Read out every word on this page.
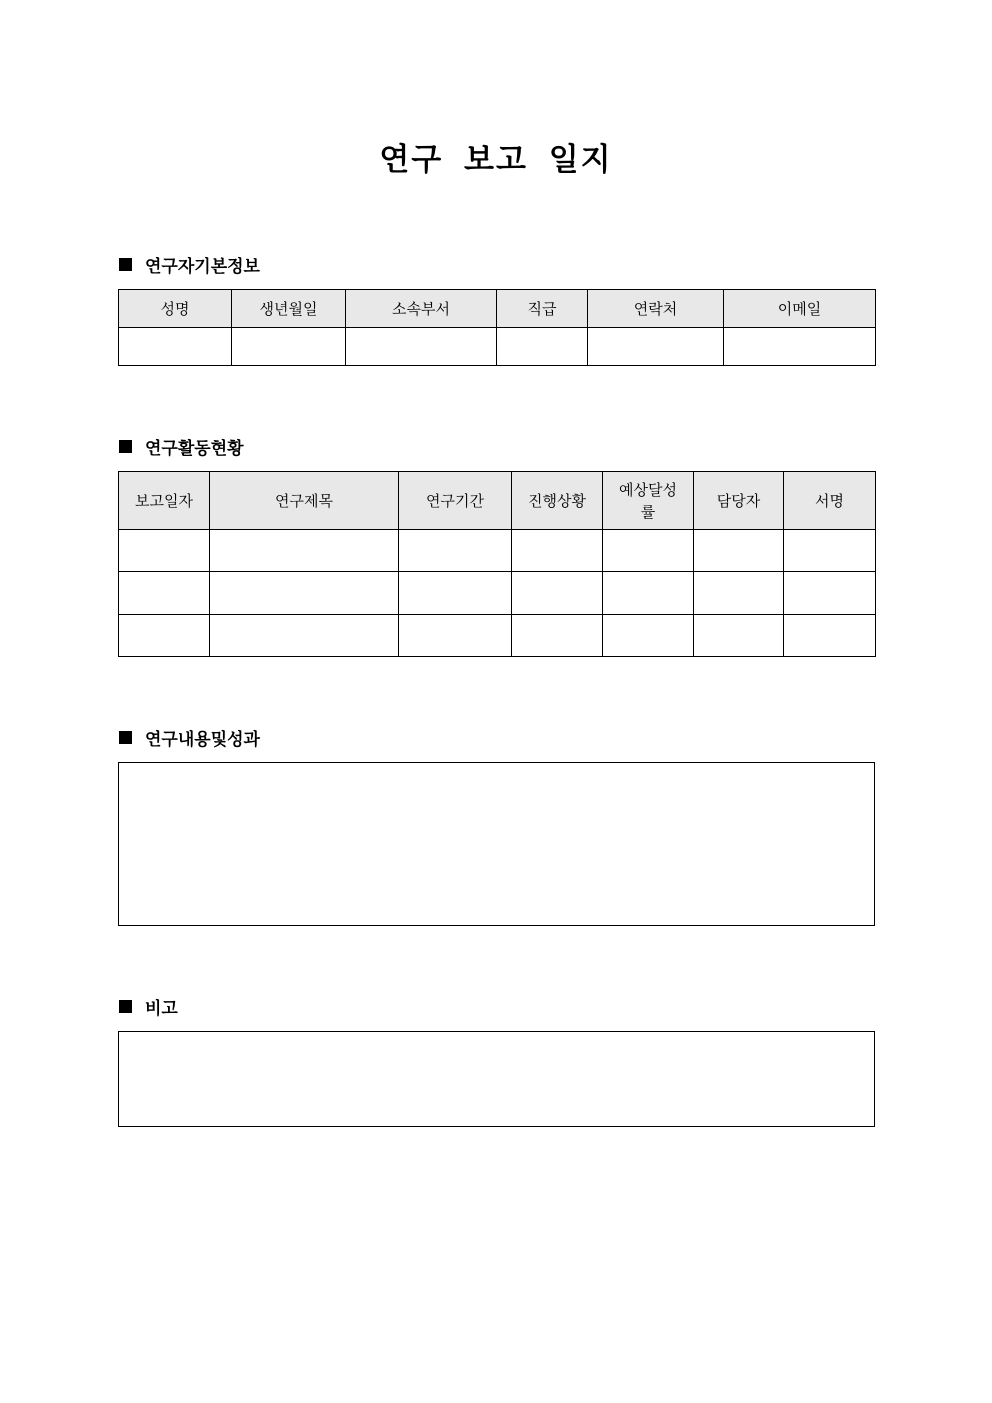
연구 보고 일지
연구자기본정보
성명	생년월일	소속부서	직급	연락처	이메일

연구활동현황
보고일자	연구제목	연구기간	진행상황	예상달성률	담당자	서명

연구내용및성과
비고
